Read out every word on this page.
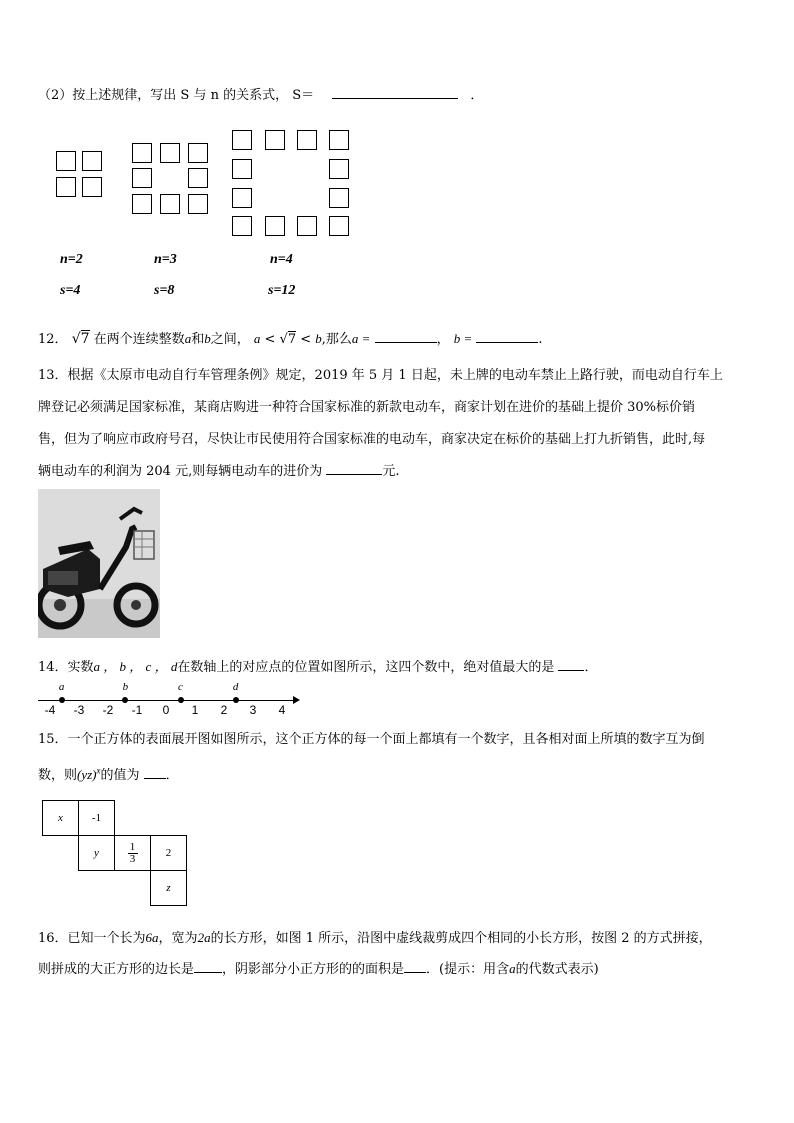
（2）按上述规律，写出 S 与 n 的关系式， S＝	．
n=2	n=3	n=4
s=4	s=8	s=12
12． √7 在两个连续整数a和b之间， a < √7 < b,那么a =	， b =	.
13．根据《太原市电动自行车管理条例》规定，2019 年 5 月 1 日起，未上牌的电动车禁止上路行驶，而电动自行车上
牌登记必须满足国家标准，某商店购进一种符合国家标准的新款电动车，商家计划在进价的基础上提价 30%标价销
售，但为了响应市政府号召，尽快让市民使用符合国家标准的电动车，商家决定在标价的基础上打九折销售，此时,每
辆电动车的利润为 204 元,则每辆电动车的进价为	元.
14．实数a ， b ， c ， d在数轴上的对应点的位置如图所示，这四个数中，绝对值最大的是 ．
-4 -3 -2 -1 0 1 2 3 4
a	b	c	d
15．一个正方体的表面展开图如图所示，这个正方体的每一个面上都填有一个数字，且各相对面上所填的数字互为倒
数，则(yz)$^x$的值为 ．
x	-1
y
1
3	2
z
16．已知一个长为6a，宽为2a的长方形，如图 1 所示，沿图中虚线裁剪成四个相同的小长方形，按图 2 的方式拼接，
则拼成的大正方形的边长是 ，阴影部分小正方形的的面积是 ．(提示：用含a的代数式表示)
